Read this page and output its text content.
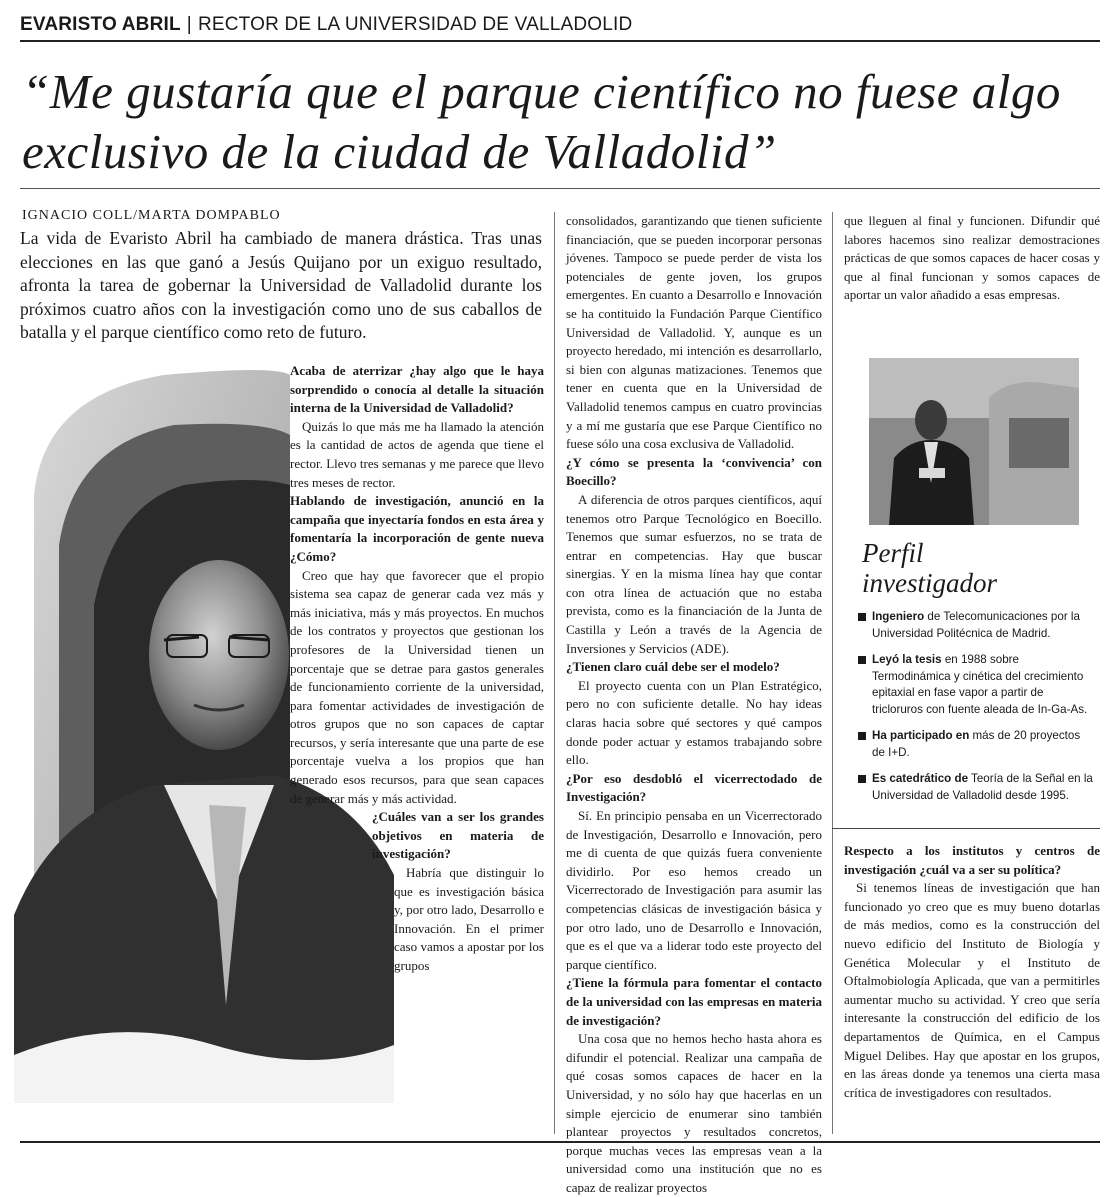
EVARISTO ABRIL | RECTOR DE LA UNIVERSIDAD DE VALLADOLID
“Me gustaría que el parque científico no fuese algo exclusivo de la ciudad de Valladolid”
IGNACIO COLL/MARTA DOMPABLO
La vida de Evaristo Abril ha cambiado de manera drástica. Tras unas elecciones en las que ganó a Jesús Quijano por un exiguo resultado, afronta la tarea de gobernar la Universidad de Valladolid durante los próximos cuatro años con la investigación como uno de sus caballos de batalla y el parque científico como reto de futuro.

Acaba de aterrizar ¿hay algo que le haya sorprendido o conocía al detalle la situación interna de la Universidad de Valladolid?

Quizás lo que más me ha llamado la atención es la cantidad de actos de agenda que tiene el rector. Llevo tres semanas y me parece que llevo tres meses de rector.

Hablando de investigación, anunció en la campaña que inyectaría fondos en esta área y fomentaría la incorporación de gente nueva ¿Cómo?

Creo que hay que favorecer que el propio sistema sea capaz de generar cada vez más y más iniciativa, más y más proyectos. En muchos de los contratos y proyectos que gestionan los profesores de la Universidad tienen un porcentaje que se detrae para gastos generales de funcionamiento corriente de la universidad, para fomentar actividades de investigación de otros grupos que no son capaces de captar recursos, y sería interesante que una parte de ese porcentaje vuelva a los propios que han generado esos recursos, para que sean capaces de generar más y más actividad.

¿Cuáles van a ser los grandes objetivos en materia de investigación?

Habría que distinguir lo que es investigación básica y, por otro lado, Desarrollo e Innovación. En el primer caso vamos a apostar por los grupos

consolidados, garantizando que tienen suficiente financiación, que se pueden incorporar personas jóvenes. Tampoco se puede perder de vista los potenciales de gente joven, los grupos emergentes. En cuanto a Desarrollo e Innovación se ha contituido la Fundación Parque Científico Universidad de Valladolid. Y, aunque es un proyecto heredado, mi intención es desarrollarlo, si bien con algunas matizaciones. Tenemos que tener en cuenta que en la Universidad de Valladolid tenemos campus en cuatro provincias y a mí me gustaría que ese Parque Científico no fuese sólo una cosa exclusiva de Valladolid.

¿Y cómo se presenta la ‘convivencia’ con Boecillo?

A diferencia de otros parques científicos, aquí tenemos otro Parque Tecnológico en Boecillo. Tenemos que sumar esfuerzos, no se trata de entrar en competencias. Hay que buscar sinergias. Y en la misma línea hay que contar con otra línea de actuación que no estaba prevista, como es la financiación de la Junta de Castilla y León a través de la Agencia de Inversiones y Servicios (ADE).

¿Tienen claro cuál debe ser el modelo?

El proyecto cuenta con un Plan Estratégico, pero no con suficiente detalle. No hay ideas claras hacia sobre qué sectores y qué campos donde poder actuar y estamos trabajando sobre ello.

¿Por eso desdobló el vicerrectodado de Investigación?

Sí. En principio pensaba en un Vicerrectorado de Investigación, Desarrollo e Innovación, pero me di cuenta de que quizás fuera conveniente dividirlo. Por eso hemos creado un Vicerrectorado de Investigación para asumir las competencias clásicas de investigación básica y por otro lado, uno de Desarrollo e Innovación, que es el que va a liderar todo este proyecto del parque científico.

¿Tiene la fórmula para fomentar el contacto de la universidad con las empresas en materia de investigación?

Una cosa que no hemos hecho hasta ahora es difundir el potencial. Realizar una campaña de qué cosas somos capaces de hacer en la Universidad, y no sólo hay que hacerlas en un simple ejercicio de enumerar sino también plantear proyectos y resultados concretos, porque muchas veces las empresas vean a la universidad como una institución que no es capaz de realizar proyectos

que lleguen al final y funcionen. Difundir qué labores hacemos sino realizar demostraciones prácticas de que somos capaces de hacer cosas y que al final funcionan y somos capaces de aportar un valor añadido a esas empresas.

Perfil
investigador
Ingeniero de Telecomunicaciones por la Universidad Politécnica de Madrid.
Leyó la tesis en 1988 sobre Termodinámica y cinética del crecimiento epitaxial en fase vapor a partir de tricloruros con fuente aleada de In-Ga-As.
Ha participado en más de 20 proyectos de I+D.
Es catedrático de Teoría de la Señal en la Universidad de Valladolid desde 1995.

Respecto a los institutos y centros de investigación ¿cuál va a ser su política?

Si tenemos líneas de investigación que han funcionado yo creo que es muy bueno dotarlas de más medios, como es la construcción del nuevo edificio del Instituto de Biología y Genética Molecular y el Instituto de Oftalmobiología Aplicada, que van a permitirles aumentar mucho su actividad. Y creo que sería interesante la construcción del edificio de los departamentos de Química, en el Campus Miguel Delibes. Hay que apostar en los grupos, en las áreas donde ya tenemos una cierta masa crítica de investigadores con resultados.
